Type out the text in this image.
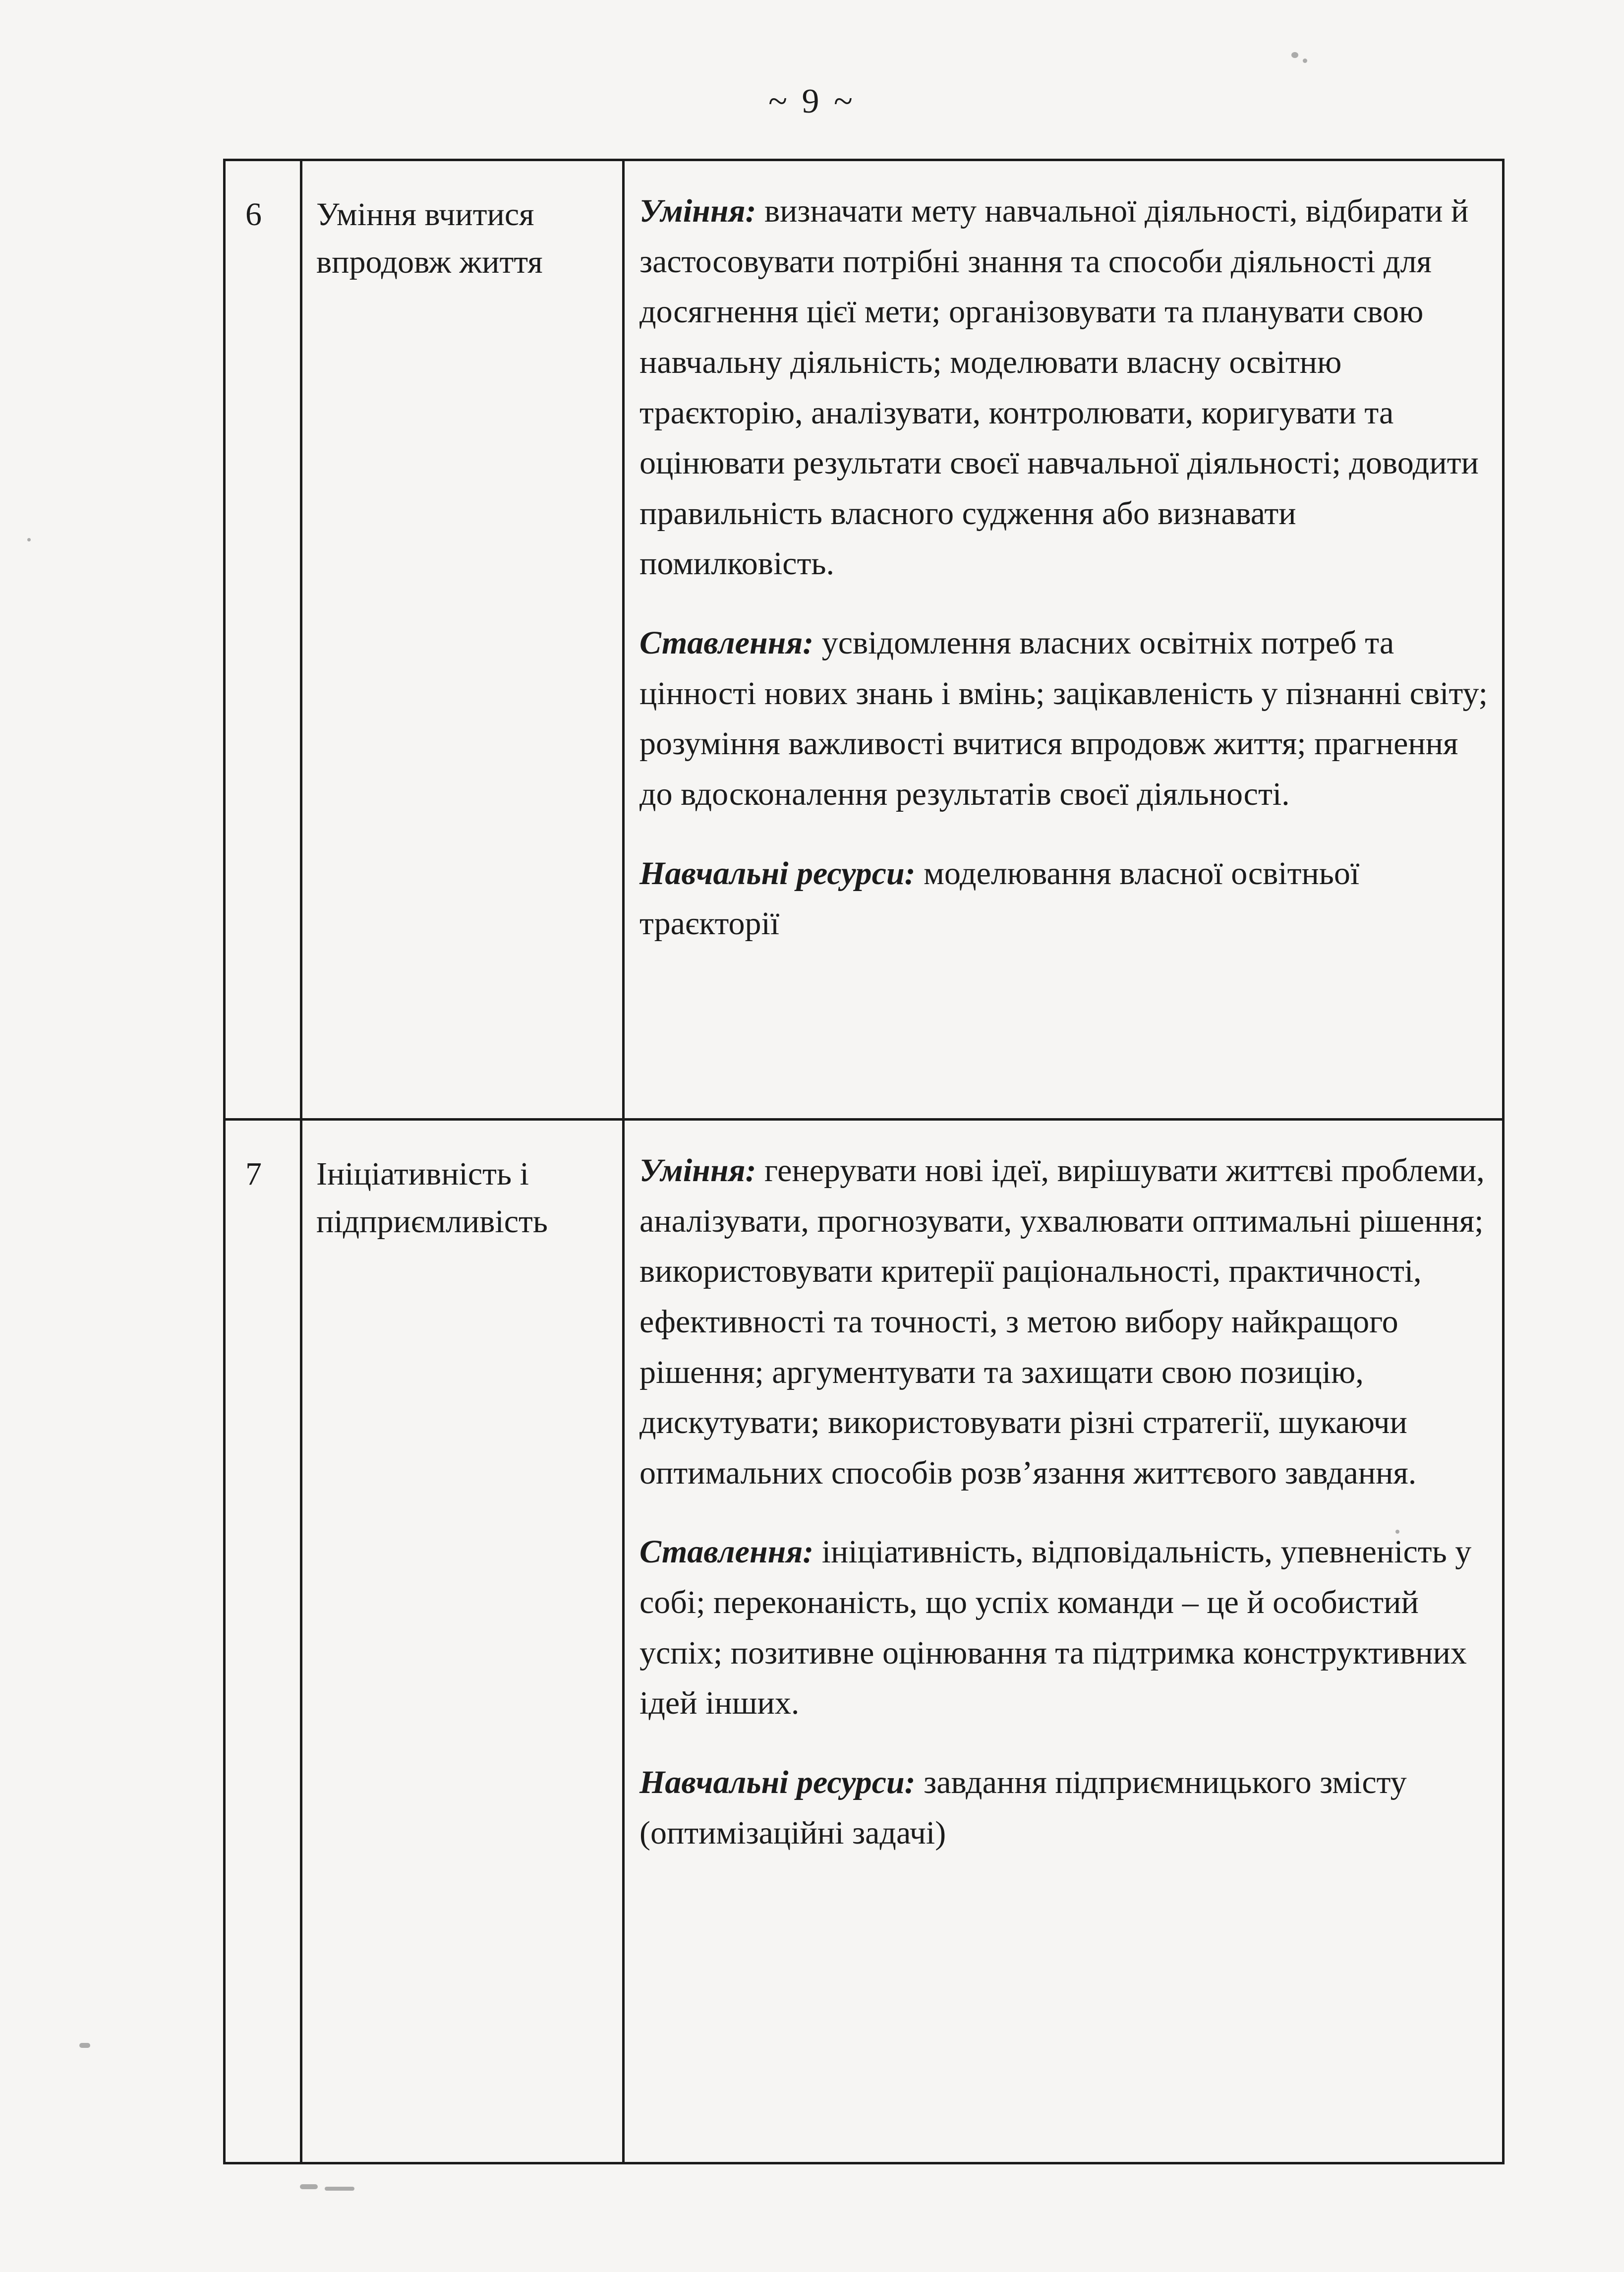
~ 9 ~
6	Уміння вчитися впродовж життя	Уміння: визначати мету навчальної діяльності, відбирати й застосовувати потрібні знання та способи діяльності для досягнення цієї мети; організовувати та планувати свою навчальну діяльність; моделювати власну освітню траєкторію, аналізувати, контролювати, коригувати та оцінювати результати своєї навчальної діяльності; доводити правильність власного судження або визнавати помилковість.

Ставлення: усвідомлення власних освітніх потреб та цінності нових знань і вмінь; зацікавленість у пізнанні світу; розуміння важливості вчитися впродовж життя; прагнення до вдосконалення результатів своєї діяльності.

Навчальні ресурси: моделювання власної освітньої траєкторії

7	Ініціативність і підприємливість	Уміння: генерувати нові ідеї, вирішувати життєві проблеми, аналізувати, прогнозувати, ухвалювати оптимальні рішення; використовувати критерії раціональності, практичності, ефективності та точності, з метою вибору найкращого рішення; аргументувати та захищати свою позицію, дискутувати; використовувати різні стратегії, шукаючи оптимальних способів розв’язання життєвого завдання.

Ставлення: ініціативність, відповідальність, упевненість у собі; переконаність, що успіх команди – це й особистий успіх; позитивне оцінювання та підтримка конструктивних ідей інших.

Навчальні ресурси: завдання підприємницького змісту (оптимізаційні задачі)
